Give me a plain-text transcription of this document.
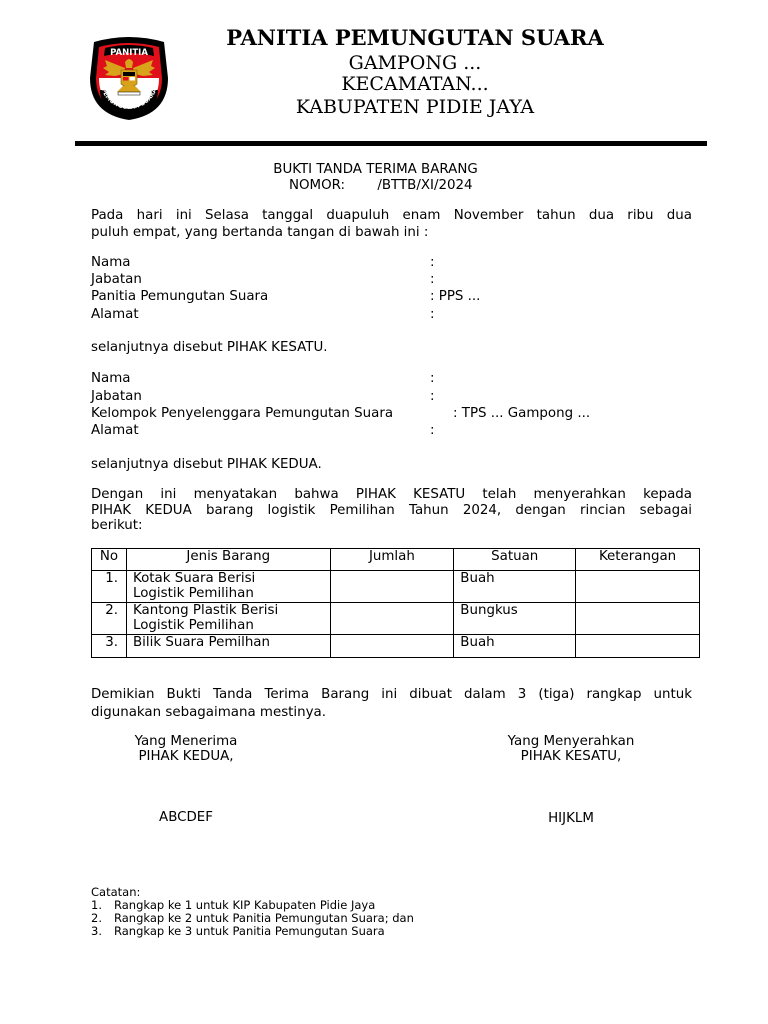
PANITIA
PEMUNGUTAN SUARA
PANITIA PEMUNGUTAN SUARA
GAMPONG ...
KECAMATAN...
KABUPATEN PIDIE JAYA
BUKTI TANDA TERIMA BARANG
NOMOR: /BTTB/XI/2024
Pada hari ini Selasa tanggal duapuluh enam November tahun dua ribu dua
puluh empat, yang bertanda tangan di bawah ini :
Nama	:
Jabatan	:
Panitia Pemungutan Suara	: PPS ...
Alamat	:
selanjutnya disebut PIHAK KESATU.
Nama	:
Jabatan	:
Kelompok Penyelenggara Pemungutan Suara	: TPS ... Gampong ...
Alamat	:
selanjutnya disebut PIHAK KEDUA.
Dengan ini menyatakan bahwa PIHAK KESATU telah menyerahkan kepada
PIHAK KEDUA barang logistik Pemilihan Tahun 2024, dengan rincian sebagai
berikut:
No	Jenis Barang	Jumlah	Satuan	Keterangan
1.	Kotak Suara Berisi
Logistik Pemilihan		Buah	
2.	Kantong Plastik Berisi
Logistik Pemilihan		Bungkus	
3.	Bilik Suara Pemilhan		Buah	
Demikian Bukti Tanda Terima Barang ini dibuat dalam 3 (tiga) rangkap untuk
digunakan sebagaimana mestinya.
Yang Menerima
PIHAK KEDUA,
ABCDEF
Yang Menyerahkan
PIHAK KESATU,
HIJKLM
Catatan:
1. Rangkap ke 1 untuk KIP Kabupaten Pidie Jaya
2. Rangkap ke 2 untuk Panitia Pemungutan Suara; dan
3. Rangkap ke 3 untuk Panitia Pemungutan Suara
